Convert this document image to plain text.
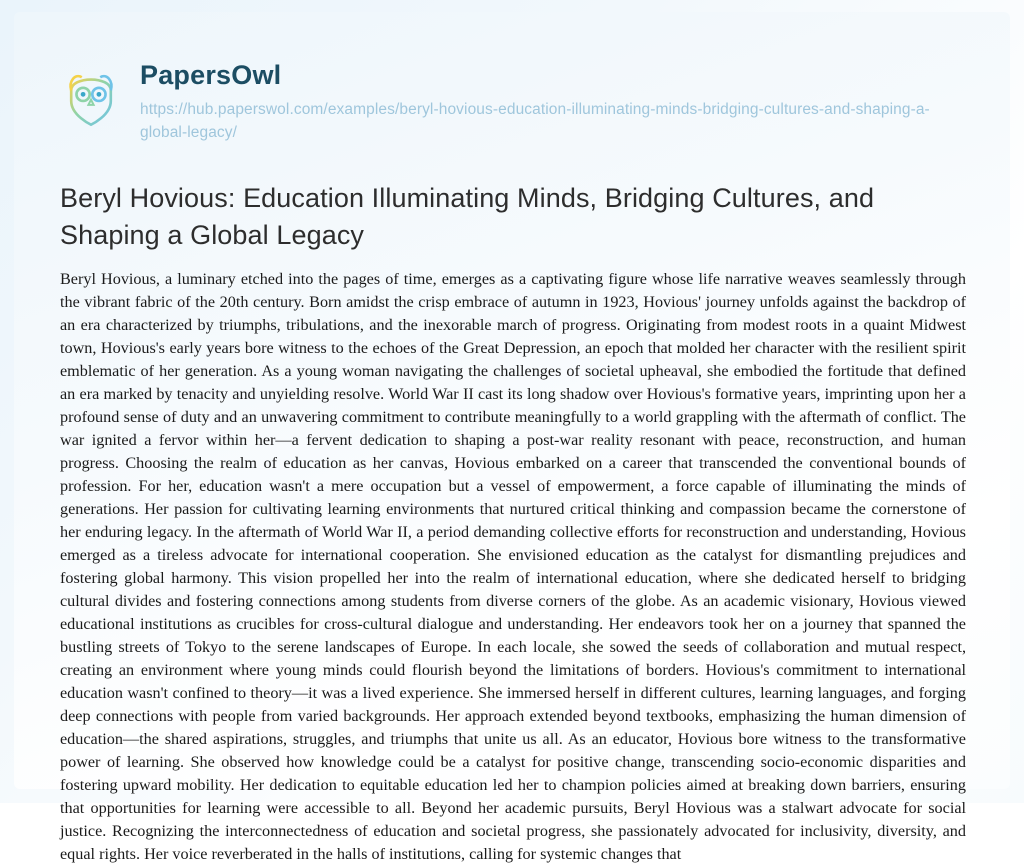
PapersOwl
https://hub.paperswol.com/examples/beryl-hovious-education-illuminating-minds-bridging-cultures-and-shaping-a-global-legacy/
Beryl Hovious: Education Illuminating Minds, Bridging Cultures, and Shaping a Global Legacy
Beryl Hovious, a luminary etched into the pages of time, emerges as a captivating figure whose life narrative weaves seamlessly through the vibrant fabric of the 20th century. Born amidst the crisp embrace of autumn in 1923, Hovious' journey unfolds against the backdrop of an era characterized by triumphs, tribulations, and the inexorable march of progress. Originating from modest roots in a quaint Midwest town, Hovious's early years bore witness to the echoes of the Great Depression, an epoch that molded her character with the resilient spirit emblematic of her generation. As a young woman navigating the challenges of societal upheaval, she embodied the fortitude that defined an era marked by tenacity and unyielding resolve. World War II cast its long shadow over Hovious's formative years, imprinting upon her a profound sense of duty and an unwavering commitment to contribute meaningfully to a world grappling with the aftermath of conflict. The war ignited a fervor within her—a fervent dedication to shaping a post-war reality resonant with peace, reconstruction, and human progress. Choosing the realm of education as her canvas, Hovious embarked on a career that transcended the conventional bounds of profession. For her, education wasn't a mere occupation but a vessel of empowerment, a force capable of illuminating the minds of generations. Her passion for cultivating learning environments that nurtured critical thinking and compassion became the cornerstone of her enduring legacy. In the aftermath of World War II, a period demanding collective efforts for reconstruction and understanding, Hovious emerged as a tireless advocate for international cooperation. She envisioned education as the catalyst for dismantling prejudices and fostering global harmony. This vision propelled her into the realm of international education, where she dedicated herself to bridging cultural divides and fostering connections among students from diverse corners of the globe. As an academic visionary, Hovious viewed educational institutions as crucibles for cross-cultural dialogue and understanding. Her endeavors took her on a journey that spanned the bustling streets of Tokyo to the serene landscapes of Europe. In each locale, she sowed the seeds of collaboration and mutual respect, creating an environment where young minds could flourish beyond the limitations of borders. Hovious's commitment to international education wasn't confined to theory—it was a lived experience. She immersed herself in different cultures, learning languages, and forging deep connections with people from varied backgrounds. Her approach extended beyond textbooks, emphasizing the human dimension of education—the shared aspirations, struggles, and triumphs that unite us all. As an educator, Hovious bore witness to the transformative power of learning. She observed how knowledge could be a catalyst for positive change, transcending socio-economic disparities and fostering upward mobility. Her dedication to equitable education led her to champion policies aimed at breaking down barriers, ensuring that opportunities for learning were accessible to all. Beyond her academic pursuits, Beryl Hovious was a stalwart advocate for social justice. Recognizing the interconnectedness of education and societal progress, she passionately advocated for inclusivity, diversity, and equal rights. Her voice reverberated in the halls of institutions, calling for systemic changes that
